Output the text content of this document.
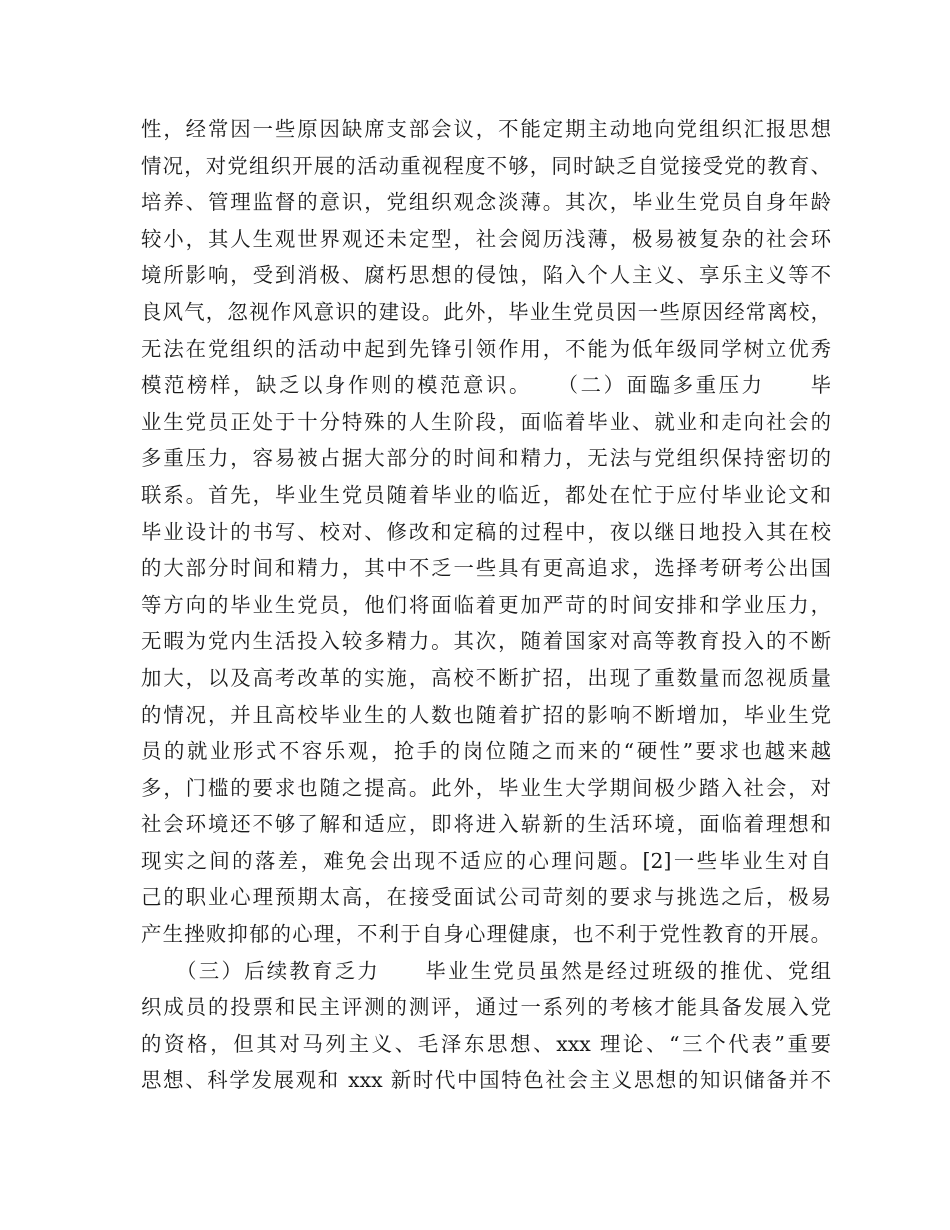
性，经常因一些原因缺席支部会议，不能定期主动地向党组织汇报思想
情况，对党组织开展的活动重视程度不够，同时缺乏自觉接受党的教育、
培养、管理监督的意识，党组织观念淡薄。其次，毕业生党员自身年龄
较小，其人生观世界观还未定型，社会阅历浅薄，极易被复杂的社会环
境所影响，受到消极、腐朽思想的侵蚀，陷入个人主义、享乐主义等不
良风气，忽视作风意识的建设。此外，毕业生党员因一些原因经常离校，
无法在党组织的活动中起到先锋引领作用，不能为低年级同学树立优秀
模范榜样，缺乏以身作则的模范意识。　　（二）面臨多重压力　　毕
业生党员正处于十分特殊的人生阶段，面临着毕业、就业和走向社会的
多重压力，容易被占据大部分的时间和精力，无法与党组织保持密切的
联系。首先，毕业生党员随着毕业的临近，都处在忙于应付毕业论文和
毕业设计的书写、校对、修改和定稿的过程中，夜以继日地投入其在校
的大部分时间和精力，其中不乏一些具有更高追求，选择考研考公出国
等方向的毕业生党员，他们将面临着更加严苛的时间安排和学业压力，
无暇为党内生活投入较多精力。其次，随着国家对高等教育投入的不断
加大，以及高考改革的实施，高校不断扩招，出现了重数量而忽视质量
的情况，并且高校毕业生的人数也随着扩招的影响不断增加，毕业生党
员的就业形式不容乐观，抢手的岗位随之而来的“硬性”要求也越来越
多，门槛的要求也随之提高。此外，毕业生大学期间极少踏入社会，对
社会环境还不够了解和适应，即将进入崭新的生活环境，面临着理想和
现实之间的落差，难免会出现不适应的心理问题。[2]一些毕业生对自
己的职业心理预期太高，在接受面试公司苛刻的要求与挑选之后，极易
产生挫败抑郁的心理，不利于自身心理健康，也不利于党性教育的开展。
　　（三）后续教育乏力　　毕业生党员虽然是经过班级的推优、党组
织成员的投票和民主评测的测评，通过一系列的考核才能具备发展入党
的资格，但其对马列主义、毛泽东思想、xxx 理论、“三个代表”重要
思想、科学发展观和 xxx 新时代中国特色社会主义思想的知识储备并不
